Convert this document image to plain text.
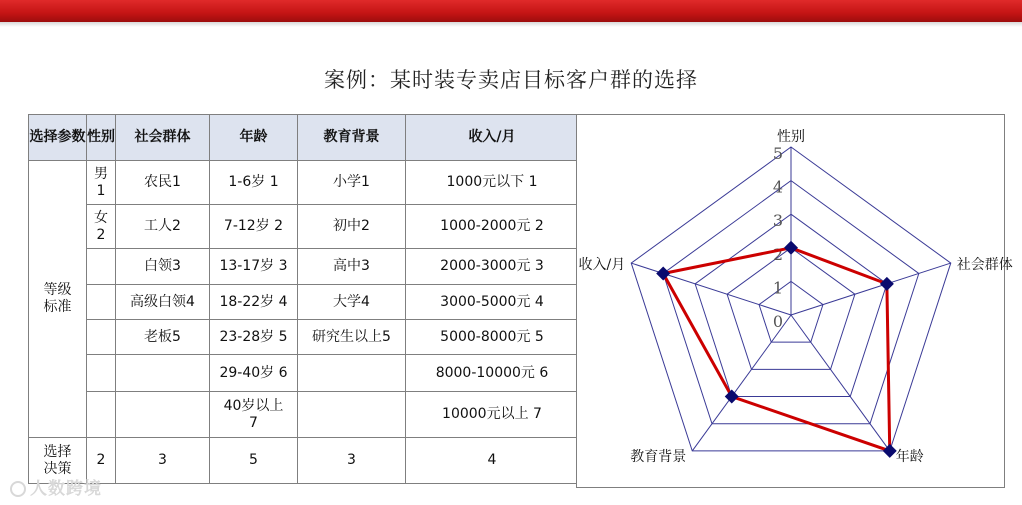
案例：某时装专卖店目标客户群的选择
选择参数	性别	社会群体	年龄	教育背景	收入/月

等级标准	男1	农民1	1-6岁 1	小学1	1000元以下 1

	女2	工人2	7-12岁 2	初中2	1000-2000元 2
		白领3	13-17岁 3	高中3	2000-3000元 3
		高级白领4	18-22岁 4	大学4	3000-5000元 4
		老板5	23-28岁 5	研究生以上5	5000-8000元 5
			29-40岁 6		8000-10000元 6

			40岁以上7		10000元以上 7

选择决策	2	3	5	3	4
0
1
2
3
4
5
性别
社会群体
年龄
教育背景
收入/月
人数跨境
